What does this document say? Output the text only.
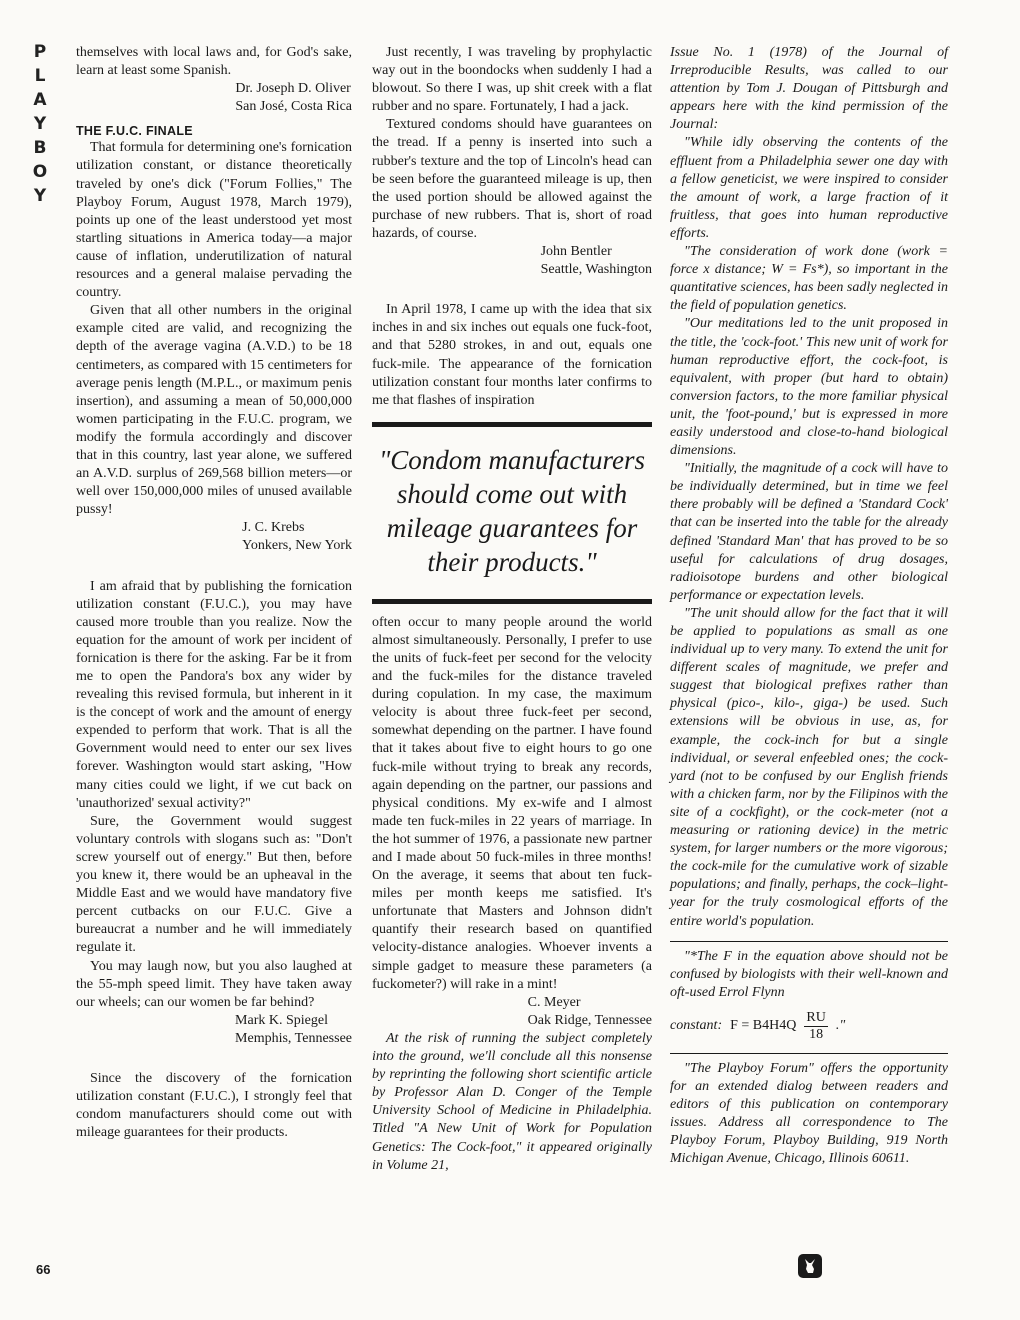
PLAYBOY
66

themselves with local laws and, for God's sake, learn at least some Spanish.

Dr. Joseph D. Oliver
San José, Costa Rica
THE F.U.C. FINALE

That formula for determining one's fornication utilization constant, or distance theoretically traveled by one's dick ("Forum Follies," The Playboy Forum, August 1978, March 1979), points up one of the least understood yet most startling situations in America today—a major cause of inflation, underutilization of natural resources and a general malaise pervading the country.

Given that all other numbers in the original example cited are valid, and recognizing the depth of the average vagina (A.V.D.) to be 18 centimeters, as compared with 15 centimeters for average penis length (M.P.L., or maximum penis insertion), and assuming a mean of 50,000,000 women participating in the F.U.C. program, we modify the formula accordingly and discover that in this country, last year alone, we suffered an A.V.D. surplus of 269,568 billion meters—or well over 150,000,000 miles of unused available pussy!

J. C. Krebs
Yonkers, New York

I am afraid that by publishing the fornication utilization constant (F.U.C.), you may have caused more trouble than you realize. Now the equation for the amount of work per incident of fornication is there for the asking. Far be it from me to open the Pandora's box any wider by revealing this revised formula, but inherent in it is the concept of work and the amount of energy expended to perform that work. That is all the Government would need to enter our sex lives forever. Washington would start asking, "How many cities could we light, if we cut back on 'unauthorized' sexual activity?"

Sure, the Government would suggest voluntary controls with slogans such as: "Don't screw yourself out of energy." But then, before you knew it, there would be an upheaval in the Middle East and we would have mandatory five percent cutbacks on our F.U.C. Give a bureaucrat a number and he will immediately regulate it.

You may laugh now, but you also laughed at the 55-mph speed limit. They have taken away our wheels; can our women be far behind?

Mark K. Spiegel
Memphis, Tennessee

Since the discovery of the fornication utilization constant (F.U.C.), I strongly feel that condom manufacturers should come out with mileage guarantees for their products.

Just recently, I was traveling by prophylactic way out in the boondocks when suddenly I had a blowout. So there I was, up shit creek with a flat rubber and no spare. Fortunately, I had a jack.

Textured condoms should have guarantees on the tread. If a penny is inserted into such a rubber's texture and the top of Lincoln's head can be seen before the guaranteed mileage is up, then the used portion should be allowed against the purchase of new rubbers. That is, short of road hazards, of course.

John Bentler
Seattle, Washington

In April 1978, I came up with the idea that six inches in and six inches out equals one fuck-foot, and that 5280 strokes, in and out, equals one fuck-mile. The appearance of the fornication utilization constant four months later confirms to me that flashes of inspiration

"Condom manufacturers should come out with mileage guarantees for their products."

often occur to many people around the world almost simultaneously. Personally, I prefer to use the units of fuck-feet per second for the velocity and the fuck-miles for the distance traveled during copulation. In my case, the maximum velocity is about three fuck-feet per second, somewhat depending on the partner. I have found that it takes about five to eight hours to go one fuck-mile without trying to break any records, again depending on the partner, our passions and physical conditions. My ex-wife and I almost made ten fuck-miles in 22 years of marriage. In the hot summer of 1976, a passionate new partner and I made about 50 fuck-miles in three months! On the average, it seems that about ten fuck-miles per month keeps me satisfied. It's unfortunate that Masters and Johnson didn't quantify their research based on quantified velocity-distance analogies. Whoever invents a simple gadget to measure these parameters (a fuckometer?) will rake in a mint!

C. Meyer
Oak Ridge, Tennessee

At the risk of running the subject completely into the ground, we'll conclude all this nonsense by reprinting the following short scientific article by Professor Alan D. Conger of the Temple University School of Medicine in Philadelphia. Titled "A New Unit of Work for Population Genetics: The Cock-foot," it appeared originally in Volume 21,

Issue No. 1 (1978) of the Journal of Irreproducible Results, was called to our attention by Tom J. Dougan of Pittsburgh and appears here with the kind permission of the Journal:

"While idly observing the contents of the effluent from a Philadelphia sewer one day with a fellow geneticist, we were inspired to consider the amount of work, a large fraction of it fruitless, that goes into human reproductive efforts.

"The consideration of work done (work = force x distance; W = Fs*), so important in the quantitative sciences, has been sadly neglected in the field of population genetics.

"Our meditations led to the unit proposed in the title, the 'cock-foot.' This new unit of work for human reproductive effort, the cock-foot, is equivalent, with proper (but hard to obtain) conversion factors, to the more familiar physical unit, the 'foot-pound,' but is expressed in more easily understood and close-to-hand biological dimensions.

"Initially, the magnitude of a cock will have to be individually determined, but in time we feel there probably will be defined a 'Standard Cock' that can be inserted into the table for the already defined 'Standard Man' that has proved to be so useful for calculations of drug dosages, radioisotope burdens and other biological performance or expectation levels.

"The unit should allow for the fact that it will be applied to populations as small as one individual up to very many. To extend the unit for different scales of magnitude, we prefer and suggest that biological prefixes rather than physical (pico-, kilo-, giga-) be used. Such extensions will be obvious in use, as, for example, the cock-inch for but a single individual, or several enfeebled ones; the cock-yard (not to be confused by our English friends with a chicken farm, nor by the Filipinos with the site of a cockfight), or the cock-meter (not a measuring or rationing device) in the metric system, for larger numbers or the more vigorous; the cock-mile for the cumulative work of sizable populations; and finally, perhaps, the cock–light-year for the truly cosmological efforts of the entire world's population.

"*The F in the equation above should not be confused by biologists with their well-known and oft-used Errol Flynn

constant: $F = B4H4Q \frac{RU}{18}$ ."

"The Playboy Forum" offers the opportunity for an extended dialog between readers and editors of this publication on contemporary issues. Address all correspondence to The Playboy Forum, Playboy Building, 919 North Michigan Avenue, Chicago, Illinois 60611.
